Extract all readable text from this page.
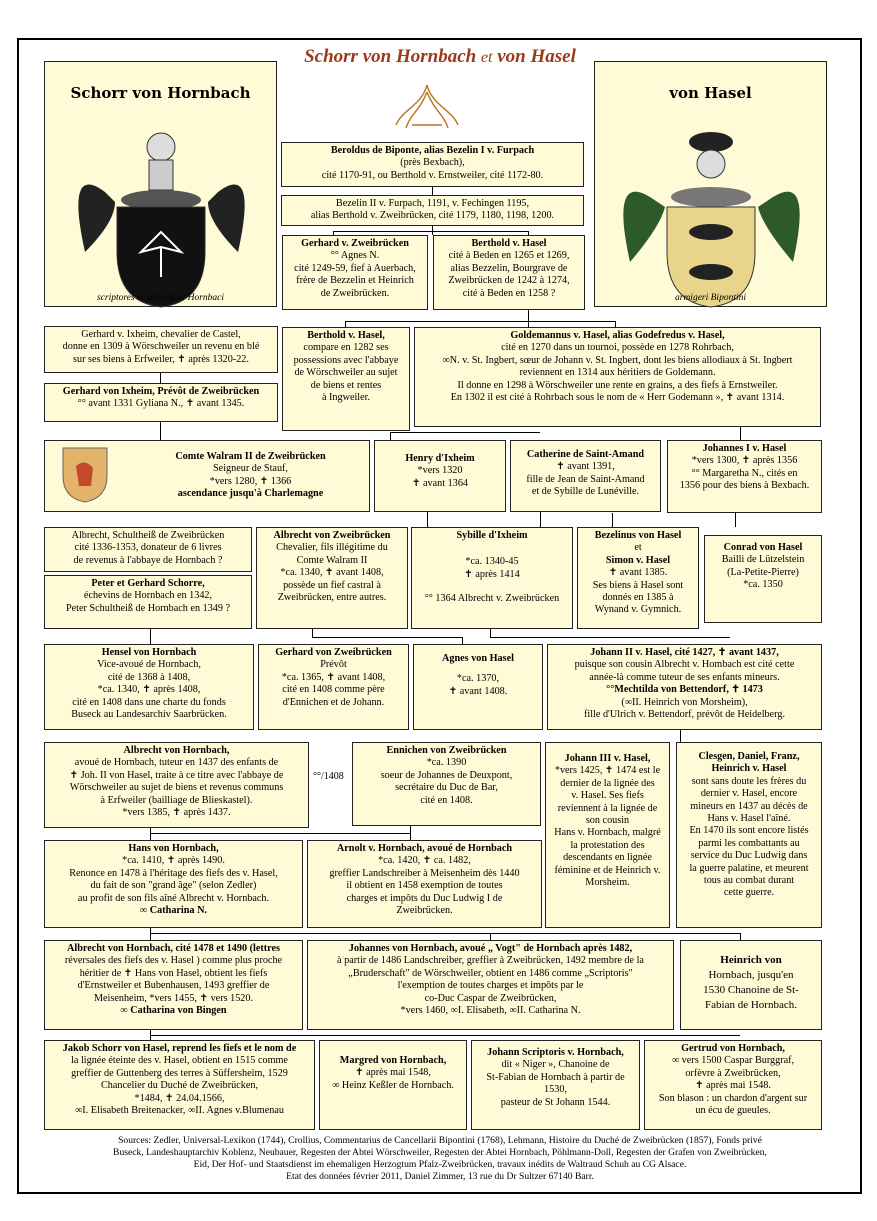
Schorr von Hornbach et von Hasel
Schorr von Hornbach
scriptores et advocatae Hornbaci
von Hasel
armigeri Bipontini
Beroldus de Biponte, alias Bezelin I v. Furpach
(près Bexbach),
cité 1170-91, ou Berthold v. Ernstweiler, cité 1172-80.
Bezelin II v. Furpach, 1191, v. Fechingen 1195,
alias Berthold v. Zweibrücken, cité 1179, 1180, 1198, 1200.
Gerhard v. Zweibrücken
°° Agnes N.
cité 1249-59, fief à Auerbach,
frère de Bezzelin et Heinrich
de Zweibrücken.
Berthold v. Hasel
cité à Beden en 1265 et 1269,
alias Bezzelin, Bourgrave de
Zweibrücken de 1242 à 1274,
cité à Beden en 1258 ?
Gerhard v. Ixheim, chevalier de Castel,
donne en 1309 à Wörschweiler un revenu en blé
sur ses biens à Erfweiler, ✝ après 1320-22.
Berthold v. Hasel,
compare en 1282 ses
possessions avec l'abbaye
de Wörschweiler au sujet
de biens et rentes
à Ingweiler.
Goldemannus v. Hasel, alias Godefredus v. Hasel,
cité en 1270 dans un tournoi, possède en 1278 Rohrbach,
∞N. v. St. Ingbert, sœur de Johann v. St. Ingbert, dont les biens allodiaux à St. Ingbert
reviennent en 1314 aux héritiers de Goldemann.
Il donne en 1298 à Wörschweiler une rente en grains, a des fiefs à Ernstweiler.
En 1302 il est cité à Rohrbach sous le nom de « Herr Godemann », ✝ avant 1314.
Gerhard von Ixheim, Prévôt de Zweibrücken
°° avant 1331 Gyliana N., ✝ avant 1345.
Comte Walram II de Zweibrücken
Seigneur de Stauf,
*vers 1280, ✝ 1366
ascendance jusqu'à Charlemagne
Henry d'Ixheim
*vers 1320
✝ avant 1364
Catherine de Saint-Amand
✝ avant 1391,
fille de Jean de Saint-Amand
et de Sybille de Lunéville.
Johannes I v. Hasel
*vers 1300, ✝ après 1356
°° Margaretha N., cités en
1356 pour des biens à Bexbach.
Albrecht, Schultheiß de Zweibrücken
cité 1336-1353, donateur de 6 livres
de revenus à l'abbaye de Hornbach ?
Albrecht von Zweibrücken
Chevalier, fils illégitime du
Comte Walram II
*ca. 1340, ✝ avant 1408,
possède un fief castral à
Zweibrücken, entre autres.
Sybille d'Ixheim
*ca. 1340-45
✝ après 1414
°° 1364 Albrecht v. Zweibrücken
Bezelinus von Hasel
et
Simon v. Hasel
✝ avant 1385.
Ses biens à Hasel sont
donnés en 1385 à
Wynand v. Gymnich.
Conrad von Hasel
Bailli de Lützelstein
(La-Petite-Pierre)
*ca. 1350
Peter et Gerhard Schorre,
échevins de Hornbach en 1342,
Peter Schultheiß de Hornbach en 1349 ?
Hensel von Hornbach
Vice-avoué de Hornbach,
cité de 1368 à 1408,
*ca. 1340, ✝ après 1408,
cité en 1408 dans une charte du fonds
Buseck au Landesarchiv Saarbrücken.
Gerhard von Zweibrücken
Prévôt
*ca. 1365, ✝ avant 1408,
cité en 1408 comme père
d'Ennichen et de Johann.
Agnes von Hasel
*ca. 1370,
✝ avant 1408.
Johann II v. Hasel, cité 1427, ✝ avant 1437,
puisque son cousin Albrecht v. Hombach est cité cette
année-là comme tuteur de ses enfants mineurs.
°°Mechtilda von Bettendorf, ✝ 1473
(∞II. Heinrich von Morsheim),
fille d'Ulrich v. Bettendorf, prévôt de Heidelberg.
Albrecht von Hornbach,
avoué de Hornbach, tuteur en 1437 des enfants de
✝ Joh. II von Hasel, traite à ce titre avec l'abbaye de
Wörschweiler au sujet de biens et revenus communs
à Erfweiler (bailliage de Blieskastel).
*vers 1385, ✝ après 1437.
°°/1408
Ennichen von Zweibrücken
*ca. 1390
soeur de Johannes de Deuxpont,
secrétaire du Duc de Bar,
cité en 1408.
Johann III v. Hasel,
*vers 1425, ✝ 1474 est le
dernier de la lignée des
v. Hasel. Ses fiefs
reviennent à la lignée de
son cousin
Hans v. Hornbach, malgré
la protestation des
descendants en lignée
féminine et de Heinrich v.
Morsheim.
Clesgen, Daniel, Franz,
Heinrich v. Hasel
sont sans doute les frères du
dernier v. Hasel, encore
mineurs en 1437 au décès de
Hans v. Hasel l'aîné.
En 1470 ils sont encore listés
parmi les combattants au
service du Duc Ludwig dans
la guerre palatine, et meurent
tous au combat durant
cette guerre.
Hans von Hornbach,
*ca. 1410, ✝ après 1490.
Renonce en 1478 à l'héritage des fiefs des v. Hasel,
du fait de son "grand âge" (selon Zedler)
au profit de son fils aîné Albrecht v. Hornbach.
∞ Catharina N.
Arnolt v. Hornbach, avoué de Hornbach
*ca. 1420, ✝ ca. 1482,
greffier Landschreiber à Meisenheim dès 1440
il obtient en 1458 exemption de toutes
charges et impôts du Duc Ludwig I de
Zweibrücken.
Albrecht von Hornbach, cité 1478 et 1490 (lettres
réversales des fiefs des v. Hasel ) comme plus proche
héritier de ✝ Hans von Hasel, obtient les fiefs
d'Ernstweiler et Bubenhausen, 1493 greffier de
Meisenheim, *vers 1455, ✝ vers 1520.
∞ Catharina von Bingen
Johannes von Hornbach, avoué „ Vogt" de Hornbach après 1482,
à partir de 1486 Landschreiber, greffier à Zweibrücken, 1492 membre de la
„Bruderschaft" de Wörschweiler, obtient en 1486 comme „Scriptoris"
l'exemption de toutes charges et impôts par le
co-Duc Caspar de Zweibrücken,
*vers 1460, ∞I. Elisabeth, ∞II. Catharina N.
Heinrich von
Hornbach, jusqu'en
1530 Chanoine de St-
Fabian de Hornbach.
Jakob Schorr von Hasel, reprend les fiefs et le nom de
la lignée éteinte des v. Hasel, obtient en 1515 comme
greffier de Guttenberg des terres à Süffersheim, 1529
Chancelier du Duché de Zweibrücken,
*1484, ✝ 24.04.1566,
∞I. Elisabeth Breitenacker, ∞II. Agnes v.Blumenau
Margred von Hornbach,
✝ après mai 1548,
∞ Heinz Keßler de Hornbach.
Johann Scriptoris v. Hornbach,
dit « Niger », Chanoine de
St-Fabian de Hornbach à partir de
1530,
pasteur de St Johann 1544.
Gertrud von Hornbach,
∞ vers 1500 Caspar Burggraf,
orfèvre à Zweibrücken,
✝ après mai 1548.
Son blason : un chardon d'argent sur
un écu de gueules.
Sources: Zedler, Universal-Lexikon (1744), Crollius, Commentarius de Cancellarii Bipontini (1768), Lehmann, Histoire du Duché de Zweibrücken (1857), Fonds privé
Buseck, Landeshauptarchiv Koblenz, Neubauer, Regesten der Abtei Wörschweiler, Regesten der Abtei Hornbach, Pöhlmann-Doll, Regesten der Grafen von Zweibrücken,
Eid, Der Hof- und Staatsdienst im ehemaligen Herzogtum Pfalz-Zweibrücken, travaux inédits de Waltraud Schuh au CG Alsace.
Etat des données février 2011, Daniel Zimmer, 13 rue du Dr Sultzer 67140 Barr.
